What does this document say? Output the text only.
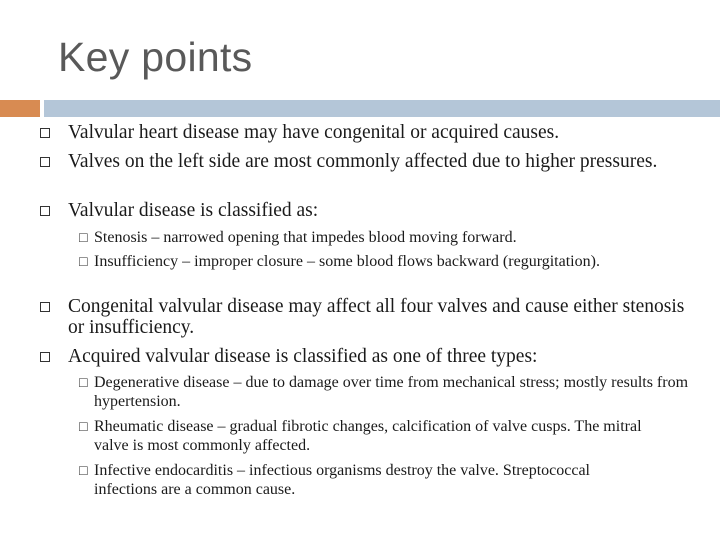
Key points
Valvular heart disease may have congenital or acquired causes.
Valves on the left side are most commonly affected due to higher pressures.
Valvular disease is classified as:
☐ Stenosis – narrowed opening that impedes blood moving forward.
☐ Insufficiency – improper closure – some blood flows backward (regurgitation).
Congenital valvular disease may affect all four valves and cause either stenosis or insufficiency.
Acquired valvular disease is classified as one of three types:
☐ Degenerative disease – due to damage over time from mechanical stress; mostly results from hypertension.
☐ Rheumatic disease – gradual fibrotic changes, calcification of valve cusps. The mitral valve is most commonly affected.
☐ Infective endocarditis – infectious organisms destroy the valve. Streptococcal infections are a common cause.
